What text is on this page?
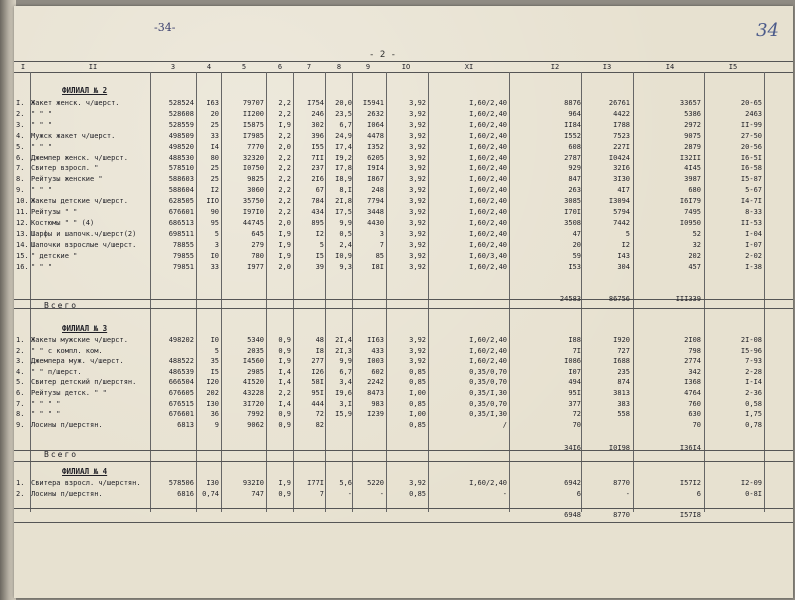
-34-	34
- 2 -
I	II	3	4	5	6	7	8	9	IO	XI	I2	I3	I4	I5
ФИЛИАЛ № 2
I. Жакет женск. ч/шерст.	528524	I63	79707	2,2	I754	20,0	I5941	3,92	I,60/2,40	8876	26761	33657	20-65
2. " " "	528608	20	II200	2,2	246	23,5	2632	3,92	I,60/2,40	964	4422	5386	2463
3. " " "	528559	25	I5875	I,9	302	6,7	I064	3,92	I,60/2,40	II84	I788	2972	II-99
4. Мужск жакет ч/шерст.	498509	33	I7985	2,2	396	24,9	4478	3,92	I,60/2,40	I552	7523	9075	27-50
5. " " "	498520	I4	7770	2,0	I55	I7,4	I352	3,92	I,60/2,40	608	227I	2879	20-56
6. Джемпер женск. ч/шерст.	488530	80	32320	2,2	7II	I9,2	6205	3,92	I,60/2,40	2787	I0424	I32II	I6-5I
7. Свитер взросл. "	578510	25	I0750	2,2	237	I7,8	I9I4	3,92	I,60/2,40	929	32I6	4I45	I6-58
8. Рейтузы женские "	588603	25	9825	2,2	2I6	I8,9	I867	3,92	I,60/2,40	847	3I30	3987	I5-87
9. " " "	588604	I2	3060	2,2	67	8,I	248	3,92	I,60/2,40	263	4I7	680	5-67
10. Жакеты детские ч/шерст.	628505	IIO	35750	2,2	784	2I,8	7794	3,92	I,60/2,40	3085	I3094	I6I79	I4-7I
11. Рейтузы " "	676601	90	I97I0	2,2	434	I7,5	3448	3,92	I,60/2,40	I70I	5794	7495	8-33
12. Костюмы " " (4)	686513	95	44745	2,0	895	9,9	4430	3,92	I,60/2,40	3508	7442	I0950	II-53
13. Шарфы и шапочк.ч/шерст(2)	698511	5	645	I,9	I2	0,5	3	3,92	I,60/2,40	47	5	52	I-04
14. Шапочки взрослые ч/шерст.	78855	3	279	I,9	5	2,4	7	3,92	I,60/2,40	20	I2	32	I-07
15. " детские "	79855	I0	780	I,9	I5	I0,9	85	3,92	I,60/3,40	59	I43	202	2-02
16. " " "	79851	33	I977	2,0	39	9,3	I8I	3,92	I,60/2,40	I53	304	457	I-38
Всего
24583	86756	III339
ФИЛИАЛ № 3
1. Жакеты мужские ч/шерст.	498202	I0	5340	0,9	48	2I,4	II63	3,92	I,60/2,40	I88	I920	2I08	2I-08
2. " " с компл. ком.	5	2035	0,9	I8	2I,3	433	3,92	I,60/2,40	7I	727	798	I5-96
3. Джемпера муж. ч/шерст.	488522	35	I4560	I,9	277	9,9	I003	3,92	I,60/2,40	I086	I688	2774	7-93
4. " " п/шерст.	486539	I5	2985	I,4	I26	6,7	602	0,85	0,35/0,70	I07	235	342	2-28
5. Свитер детский п/шерстян.	666504	I20	4I520	I,4	58I	3,4	2242	0,85	0,35/0,70	494	874	I368	I-I4
6. Рейтузы детск. " "	676605	202	43228	2,2	95I	I9,6	8473	I,00	0,35/I,30	95I	3813	4764	2-36
7. " " " "	676515	I30	3I720	I,4	444	3,I	983	0,85	0,35/0,70	377	383	760	0,58
8. " " " "	676601	36	7992	0,9	72	I5,9	I239	I,00	0,35/I,30	72	558	630	I,75
9. Лосины п/шерстян.	6813	9	9062	0,9	82	0,85	/	70	70	0,78
Всего
34I6	I0I98	I36I4
ФИЛИАЛ № 4
1. Свитера взросл. ч/шерстян.	578506	I30	932I0	I,9	I77I	5,6	5220	3,92	I,60/2,40	6942	8770	I57I2	I2-09
2. Лосины п/шерстян.	6816	0,74	747	0,9	7	-	-	0,85	-	6	-	6	0-8I
6948	8770	I57I8
